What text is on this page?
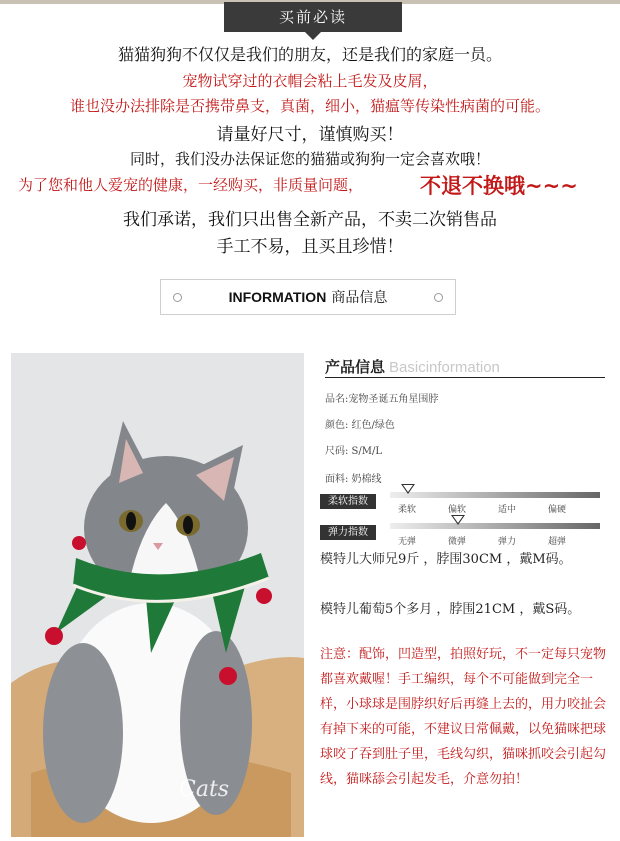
买前必读
猫猫狗狗不仅仅是我们的朋友，还是我们的家庭一员。
宠物试穿过的衣帽会粘上毛发及皮屑，
谁也没办法排除是否携带鼻支，真菌，细小，猫瘟等传染性病菌的可能。
请量好尺寸，谨慎购买！
同时，我们没办法保证您的猫猫或狗狗一定会喜欢哦！
为了您和他人爱宠的健康，一经购买，非质量问题，	不退不换哦~~~
我们承诺，我们只出售全新产品，不卖二次销售品
手工不易，且买且珍惜！
INFORMATION 商品信息
Cats
产品信息 Basicinformation
品名:宠物圣诞五角星围脖
颜色: 红色/绿色
尺码: S/M/L
面料: 奶棉线
柔软指数
柔软	偏软	适中	偏硬
弹力指数
无弹	微弹	弹力	超弹
模特儿大师兄9斤 ，脖围30CM ，戴M码。
模特儿葡萄5个多月 ，脖围21CM ，戴S码。
注意：配饰，凹造型，拍照好玩，不一定每只宠物都喜欢戴喔！手工编织，每个不可能做到完全一样，小球球是围脖织好后再缝上去的，用力咬扯会有掉下来的可能，不建议日常佩戴，以免猫咪把球球咬了吞到肚子里，毛线勾织，猫咪抓咬会引起勾线，猫咪舔会引起发毛，介意勿拍！
